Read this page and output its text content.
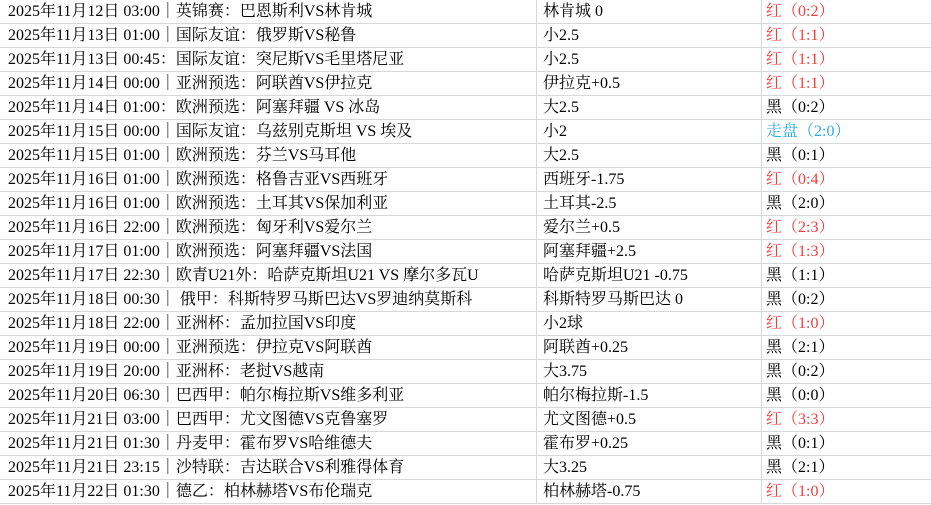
2025年11月12日 03:00｜英锦赛：巴恩斯利VS林肯城	林肯城 0	红（0:2）
2025年11月13日 01:00｜国际友谊：俄罗斯VS秘鲁	小2.5	红（1:1）
2025年11月13日 00:45：国际友谊：突尼斯VS毛里塔尼亚	小2.5	红（1:1）
2025年11月14日 00:00｜亚洲预选：阿联酋VS伊拉克	伊拉克+0.5	红（1:1）
2025年11月14日 01:00：欧洲预选：阿塞拜疆 VS 冰岛	大2.5	黑（0:2）
2025年11月15日 00:00｜国际友谊：乌兹别克斯坦 VS 埃及	小2	走盘（2:0）
2025年11月15日 01:00｜欧洲预选：芬兰VS马耳他	大2.5	黑（0:1）
2025年11月16日 01:00｜欧洲预选：格鲁吉亚VS西班牙	西班牙-1.75	红（0:4）
2025年11月16日 01:00｜欧洲预选：土耳其VS保加利亚	土耳其-2.5	黑（2:0）
2025年11月16日 22:00｜欧洲预选：匈牙利VS爱尔兰	爱尔兰+0.5	红（2:3）
2025年11月17日 01:00｜欧洲预选：阿塞拜疆VS法国	阿塞拜疆+2.5	红（1:3）
2025年11月17日 22:30｜欧青U21外：哈萨克斯坦U21 VS 摩尔多瓦U	哈萨克斯坦U21 -0.75	黑（1:1）
2025年11月18日 00:30｜ 俄甲：科斯特罗马斯巴达VS罗迪纳莫斯科	科斯特罗马斯巴达 0	黑（0:2）
2025年11月18日 22:00｜亚洲杯：孟加拉国VS印度	小2球	红（1:0）
2025年11月19日 00:00｜亚洲预选：伊拉克VS阿联酋	阿联酋+0.25	黑（2:1）
2025年11月19日 20:00｜亚洲杯：老挝VS越南	大3.75	黑（0:2）
2025年11月20日 06:30｜巴西甲：帕尔梅拉斯VS维多利亚	帕尔梅拉斯-1.5	黑（0:0）
2025年11月21日 03:00｜巴西甲：尤文图德VS克鲁塞罗	尤文图德+0.5	红（3:3）
2025年11月21日 01:30｜丹麦甲：霍布罗VS哈维德夫	霍布罗+0.25	黑（0:1）
2025年11月21日 23:15｜沙特联：吉达联合VS利雅得体育	大3.25	黑（2:1）
2025年11月22日 01:30｜德乙：柏林赫塔VS布伦瑞克	柏林赫塔-0.75	红（1:0）
